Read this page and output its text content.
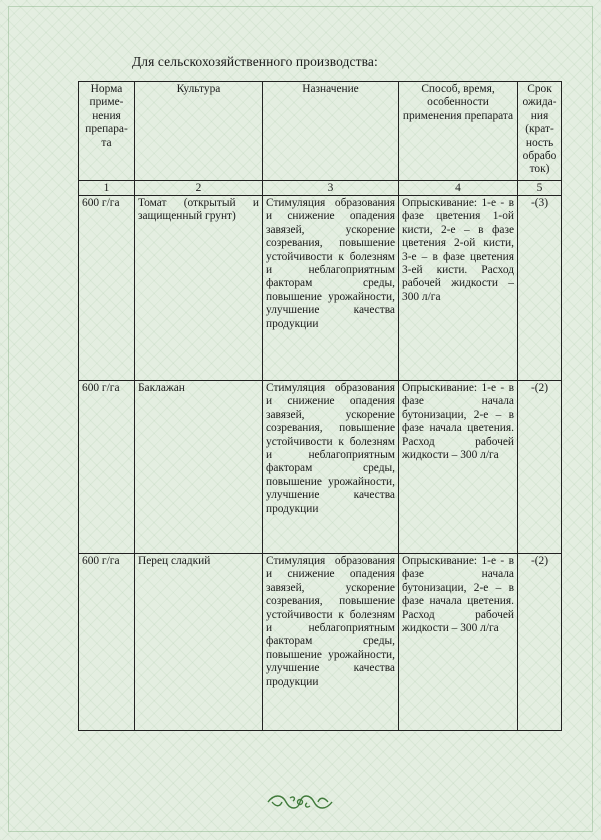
Для сельскохозяйственного производства:
Норма приме-нения препара-та	Культура	Назначение	Способ, время, особенности применения препарата	Срок ожида-ния (крат-ность обрабо ток)
1	2	3	4	5
600 г/га	Томат (открытый и защищенный грунт)	Стимуляция образования и снижение опадения завязей, ускорение созревания, повышение устойчивости к болезням и неблагоприятным факторам среды, повышение урожайности, улучшение качества продукции	Опрыскивание: 1-е - в фазе цветения 1-ой кисти, 2-е – в фазе цветения 2-ой кисти, 3-е – в фазе цветения 3-ей кисти. Расход рабочей жидкости – 300 л/га	-(3)
600 г/га	Баклажан	Стимуляция образования и снижение опадения завязей, ускорение созревания, повышение устойчивости к болезням и неблагоприятным факторам среды, повышение урожайности, улучшение качества продукции	Опрыскивание: 1-е - в фазе начала бутонизации, 2-е – в фазе начала цветения. Расход рабочей жидкости – 300 л/га	-(2)
600 г/га	Перец сладкий	Стимуляция образования и снижение опадения завязей, ускорение созревания, повышение устойчивости к болезням и неблагоприятным факторам среды, повышение урожайности, улучшение качества продукции	Опрыскивание: 1-е - в фазе начала бутонизации, 2-е – в фазе начала цветения. Расход рабочей жидкости – 300 л/га	-(2)
